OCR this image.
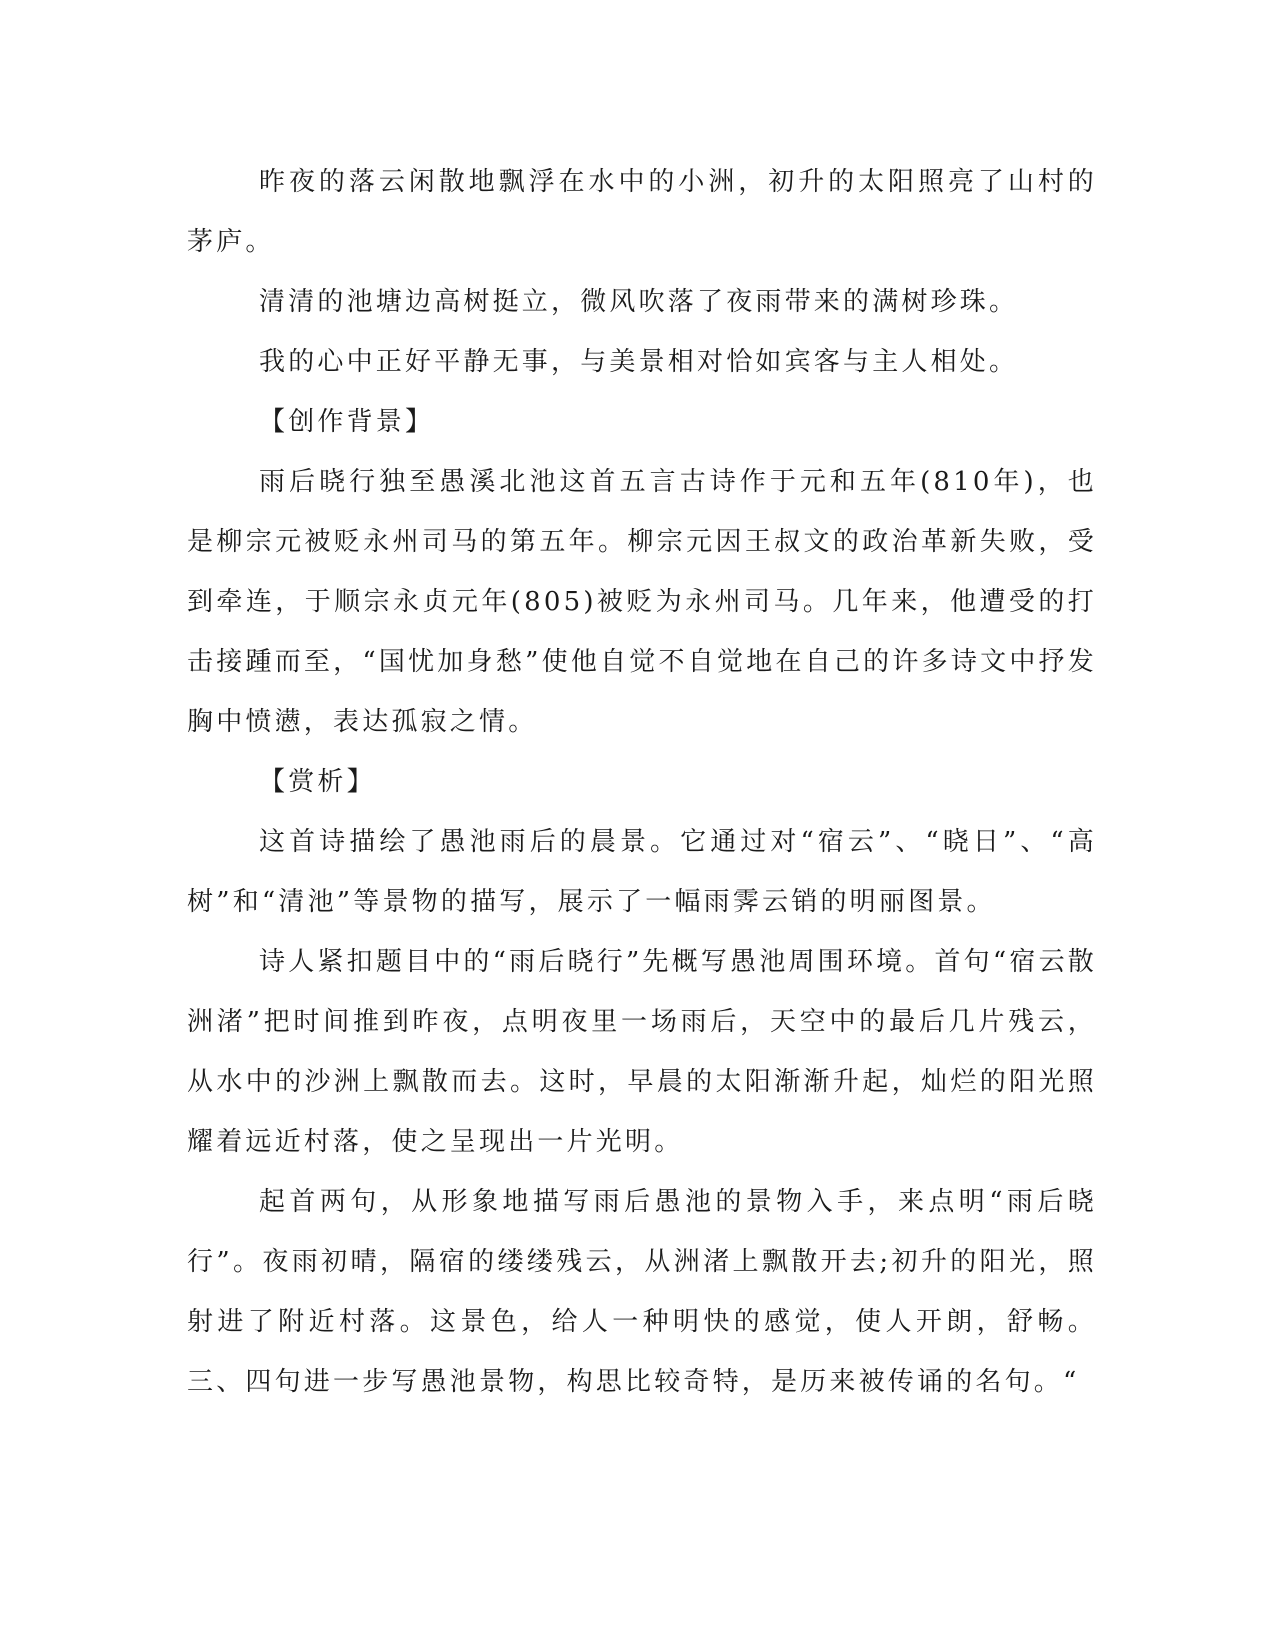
昨夜的落云闲散地飘浮在水中的小洲，初升的太阳照亮了山村的茅庐。

清清的池塘边高树挺立，微风吹落了夜雨带来的满树珍珠。

我的心中正好平静无事，与美景相对恰如宾客与主人相处。

【创作背景】

雨后晓行独至愚溪北池这首五言古诗作于元和五年(810年)，也是柳宗元被贬永州司马的第五年。柳宗元因王叔文的政治革新失败，受到牵连，于顺宗永贞元年(805)被贬为永州司马。几年来，他遭受的打击接踵而至，“国忧加身愁”使他自觉不自觉地在自己的许多诗文中抒发胸中愤懑，表达孤寂之情。

【赏析】

这首诗描绘了愚池雨后的晨景。它通过对“宿云”、“晓日”、“高树”和“清池”等景物的描写，展示了一幅雨霁云销的明丽图景。

诗人紧扣题目中的“雨后晓行”先概写愚池周围环境。首句“宿云散洲渚”把时间推到昨夜，点明夜里一场雨后，天空中的最后几片残云，从水中的沙洲上飘散而去。这时，早晨的太阳渐渐升起，灿烂的阳光照耀着远近村落，使之呈现出一片光明。

起首两句，从形象地描写雨后愚池的景物入手，来点明“雨后晓行”。夜雨初晴，隔宿的缕缕残云，从洲渚上飘散开去;初升的阳光，照射进了附近村落。这景色，给人一种明快的感觉，使人开朗，舒畅。三、四句进一步写愚池景物，构思比较奇特，是历来被传诵的名句。“
